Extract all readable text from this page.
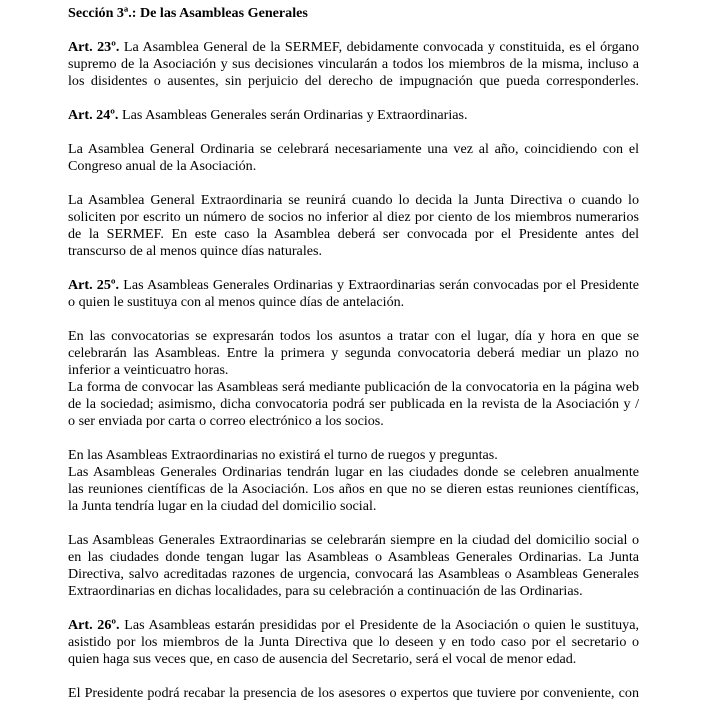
Sección 3ª.: De las Asambleas Generales
Art. 23º. La Asamblea General de la SERMEF, debidamente convocada y constituida, es el órgano
supremo de la Asociación y sus decisiones vincularán a todos los miembros de la misma, incluso a
los disidentes o ausentes, sin perjuicio del derecho de impugnación que pueda corresponderles.
Art. 24º. Las Asambleas Generales serán Ordinarias y Extraordinarias.
La Asamblea General Ordinaria se celebrará necesariamente una vez al año, coincidiendo con el
Congreso anual de la Asociación.
La Asamblea General Extraordinaria se reunirá cuando lo decida la Junta Directiva o cuando lo
soliciten por escrito un número de socios no inferior al diez por ciento de los miembros numerarios
de la SERMEF. En este caso la Asamblea deberá ser convocada por el Presidente antes del
transcurso de al menos quince días naturales.
Art. 25º. Las Asambleas Generales Ordinarias y Extraordinarias serán convocadas por el Presidente
o quien le sustituya con al menos quince días de antelación.
En las convocatorias se expresarán todos los asuntos a tratar con el lugar, día y hora en que se
celebrarán las Asambleas. Entre la primera y segunda convocatoria deberá mediar un plazo no
inferior a veinticuatro horas.
La forma de convocar las Asambleas será mediante publicación de la convocatoria en la página web
de la sociedad; asimismo, dicha convocatoria podrá ser publicada en la revista de la Asociación y /
o ser enviada por carta o correo electrónico a los socios.
En las Asambleas Extraordinarias no existirá el turno de ruegos y preguntas.
Las Asambleas Generales Ordinarias tendrán lugar en las ciudades donde se celebren anualmente
las reuniones científicas de la Asociación. Los años en que no se dieren estas reuniones científicas,
la Junta tendría lugar en la ciudad del domicilio social.
Las Asambleas Generales Extraordinarias se celebrarán siempre en la ciudad del domicilio social o
en las ciudades donde tengan lugar las Asambleas o Asambleas Generales Ordinarias. La Junta
Directiva, salvo acreditadas razones de urgencia, convocará las Asambleas o Asambleas Generales
Extraordinarias en dichas localidades, para su celebración a continuación de las Ordinarias.
Art. 26º. Las Asambleas estarán presididas por el Presidente de la Asociación o quien le sustituya,
asistido por los miembros de la Junta Directiva que lo deseen y en todo caso por el secretario o
quien haga sus veces que, en caso de ausencia del Secretario, será el vocal de menor edad.
El Presidente podrá recabar la presencia de los asesores o expertos que tuviere por conveniente, con
